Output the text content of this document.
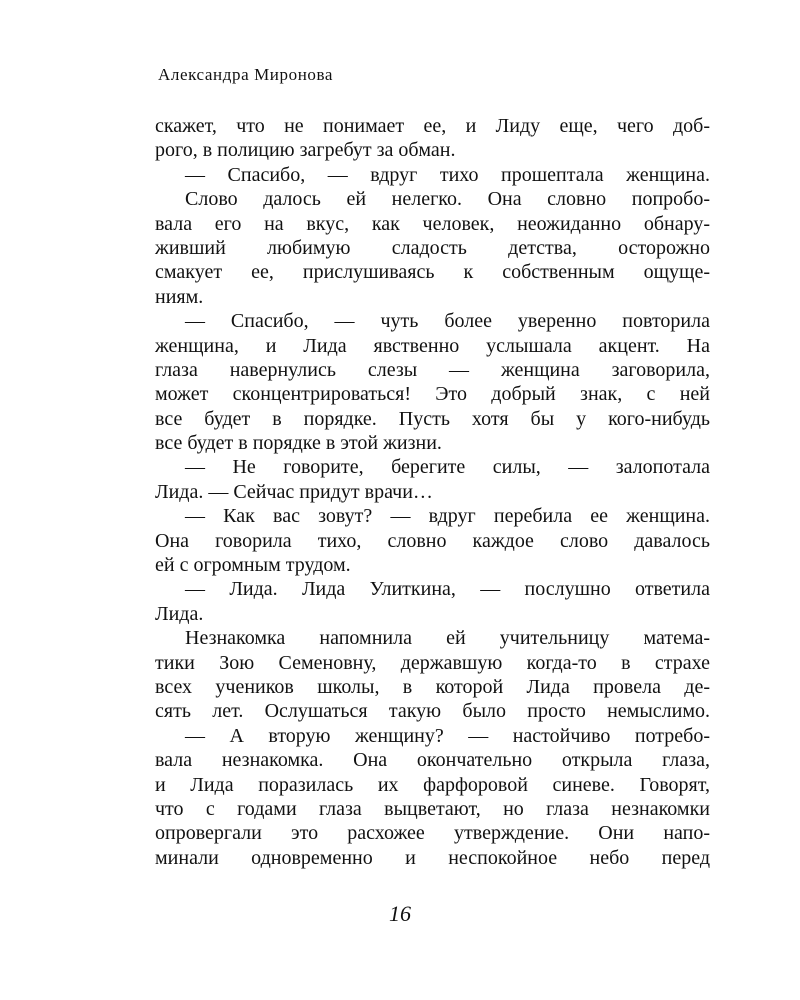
Александра Миронова
скажет, что не понимает ее, и Лиду еще, чего доб-
рого, в полицию загребут за обман.
— Спасибо, — вдруг тихо прошептала женщина.
Слово далось ей нелегко. Она словно попробо-
вала его на вкус, как человек, неожиданно обнару-
живший любимую сладость детства, осторожно
смакует ее, прислушиваясь к собственным ощуще-
ниям.
— Спасибо, — чуть более уверенно повторила
женщина, и Лида явственно услышала акцент. На
глаза навернулись слезы — женщина заговорила,
может сконцентрироваться! Это добрый знак, с ней
все будет в порядке. Пусть хотя бы у кого-нибудь
все будет в порядке в этой жизни.
— Не говорите, берегите силы, — залопотала
Лида. — Сейчас придут врачи…
— Как вас зовут? — вдруг перебила ее женщина.
Она говорила тихо, словно каждое слово давалось
ей с огромным трудом.
— Лида. Лида Улиткина, — послушно ответила
Лида.
Незнакомка напомнила ей учительницу матема-
тики Зою Семеновну, державшую когда-то в страхе
всех учеников школы, в которой Лида провела де-
сять лет. Ослушаться такую было просто немыслимо.
— А вторую женщину? — настойчиво потребо-
вала незнакомка. Она окончательно открыла глаза,
и Лида поразилась их фарфоровой синеве. Говорят,
что с годами глаза выцветают, но глаза незнакомки
опровергали это расхожее утверждение. Они напо-
минали одновременно и неспокойное небо перед
16
